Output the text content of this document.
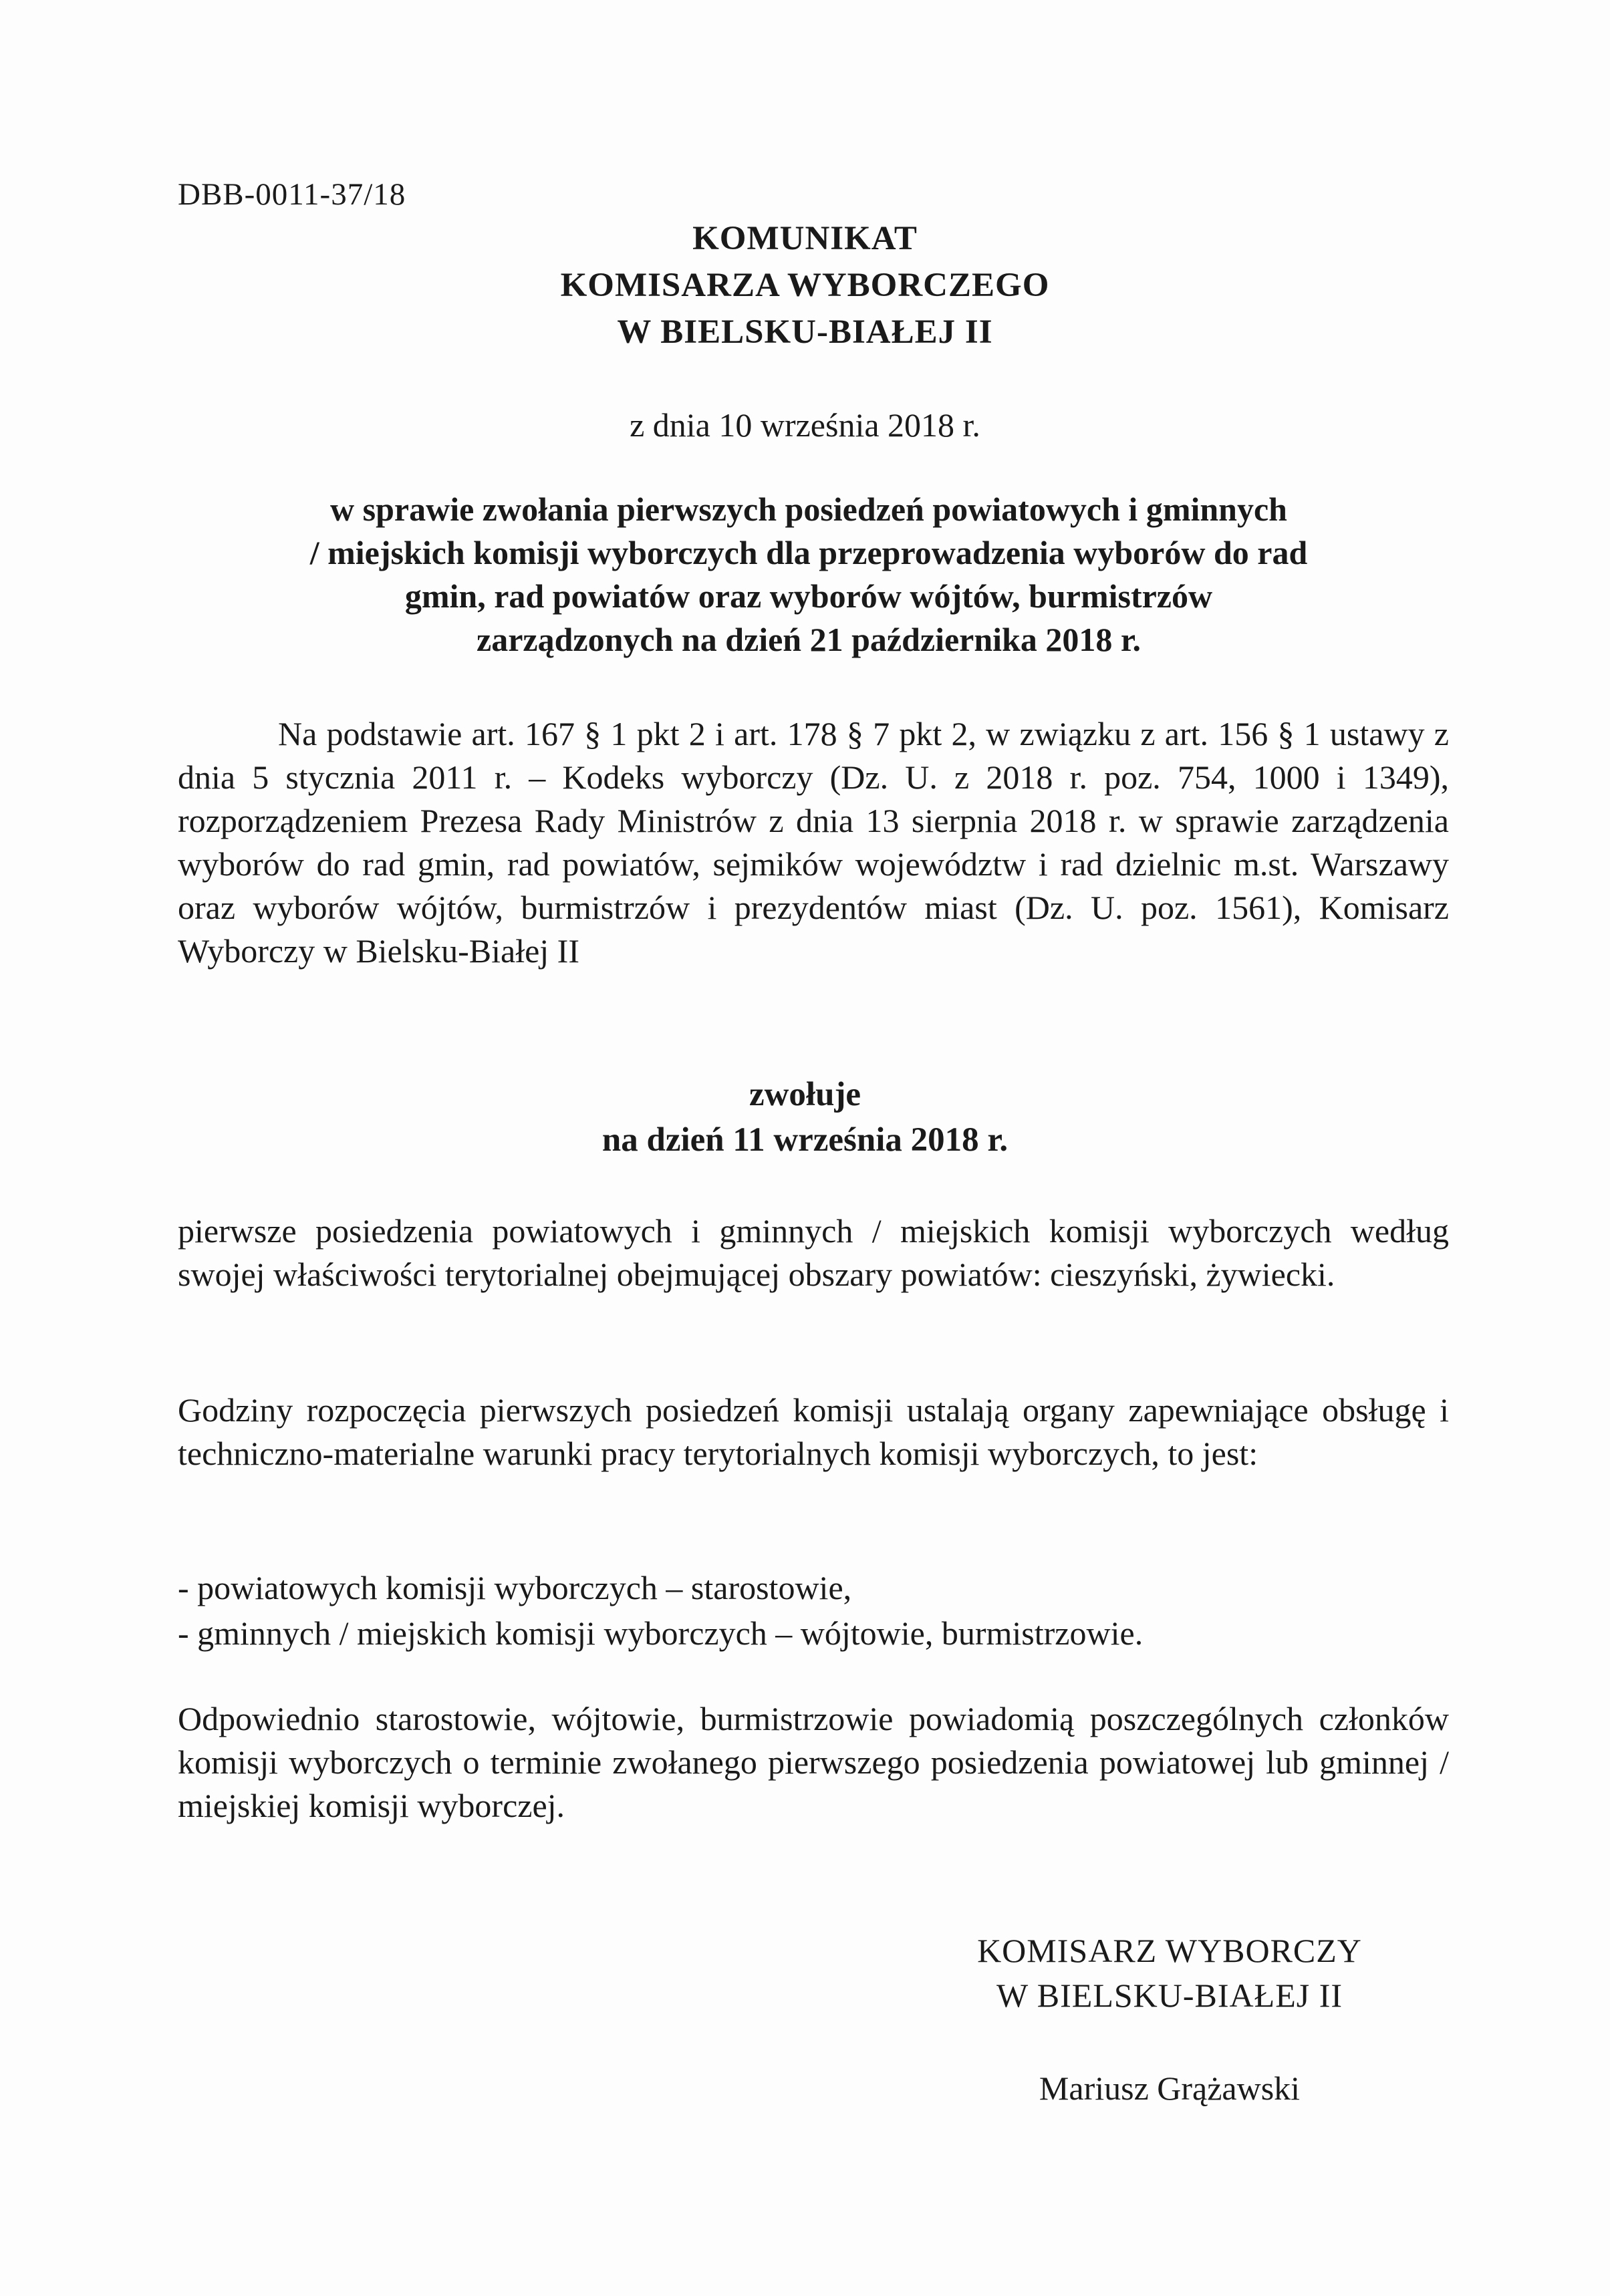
DBB-0011-37/18
KOMUNIKAT
KOMISARZA WYBORCZEGO
W BIELSKU-BIAŁEJ II
z dnia 10 września 2018 r.
w sprawie zwołania pierwszych posiedzeń powiatowych i gminnych
/ miejskich komisji wyborczych dla przeprowadzenia wyborów do rad
gmin, rad powiatów oraz wyborów wójtów, burmistrzów
zarządzonych na dzień 21 października 2018 r.
Na podstawie art. 167 § 1 pkt 2 i art. 178 § 7 pkt 2, w związku z art. 156 § 1 ustawy z dnia 5 stycznia 2011 r. – Kodeks wyborczy (Dz. U. z 2018 r. poz. 754, 1000 i 1349), rozporządzeniem Prezesa Rady Ministrów z dnia 13 sierpnia 2018 r. w sprawie zarządzenia wyborów do rad gmin, rad powiatów, sejmików województw i rad dzielnic m.st. Warszawy oraz wyborów wójtów, burmistrzów i prezydentów miast (Dz. U. poz. 1561), Komisarz Wyborczy w Bielsku-Białej II
zwołuje
na dzień 11 września 2018 r.
pierwsze posiedzenia powiatowych i gminnych / miejskich komisji wyborczych według swojej właściwości terytorialnej obejmującej obszary powiatów: cieszyński, żywiecki.
Godziny rozpoczęcia pierwszych posiedzeń komisji ustalają organy zapewniające obsługę i techniczno-materialne warunki pracy terytorialnych komisji wyborczych, to jest:
- powiatowych komisji wyborczych – starostowie,
- gminnych / miejskich komisji wyborczych – wójtowie, burmistrzowie.
Odpowiednio starostowie, wójtowie, burmistrzowie powiadomią poszczególnych członków komisji wyborczych o terminie zwołanego pierwszego posiedzenia powiatowej lub gminnej / miejskiej komisji wyborczej.
KOMISARZ WYBORCZY
W BIELSKU-BIAŁEJ II
Mariusz Grążawski
